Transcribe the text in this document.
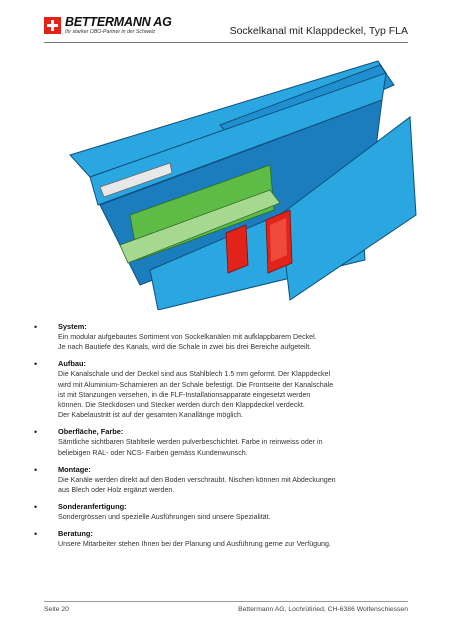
BETTERMANN AG
Ihr starker OBO-Partner in der Schweiz	Sockelkanal mit Klappdeckel, Typ FLA
•	System:
Ein modular aufgebautes Sortiment von Sockelkanälen mit aufklappbarem Deckel.
Je nach Bautiefe des Kanals, wird die Schale in zwei bis drei Bereiche aufgeteilt.
•	Aufbau:
Die Kanalschale und der Deckel sind aus Stahlblech 1.5 mm geformt. Der Klappdeckel
wird mit Aluminium-Scharnieren an der Schale befestigt. Die Frontseite der Kanalschale
ist mit Stanzungen versehen, in die FLF-Installationsapparate eingesetzt werden
können. Die Steckdosen und Stecker werden durch den Klappdeckel verdeckt.
Der Kabelaustritt ist auf der gesamten Kanallänge möglich.
•	Oberfläche, Farbe:
Sämtliche sichtbaren Stahlteile werden pulverbeschichtet. Farbe in reinweiss oder in
beliebigen RAL- oder NCS- Farben gemäss Kundenwunsch.
•	Montage:
Die Kanäle werden direkt auf den Boden verschraubt. Nischen können mit Abdeckungen
aus Blech oder Holz ergänzt werden.
•	Sonderanfertigung:
Sondergrössen und spezielle Ausführungen sind unsere Spezialität.
•	Beratung:
Unsere Mitarbeiter stehen Ihnen bei der Planung und Ausführung gerne zur Verfügung.
Seite 20	Bettermann AG, Lochrütiried, CH-6386 Wolfenschiessen
